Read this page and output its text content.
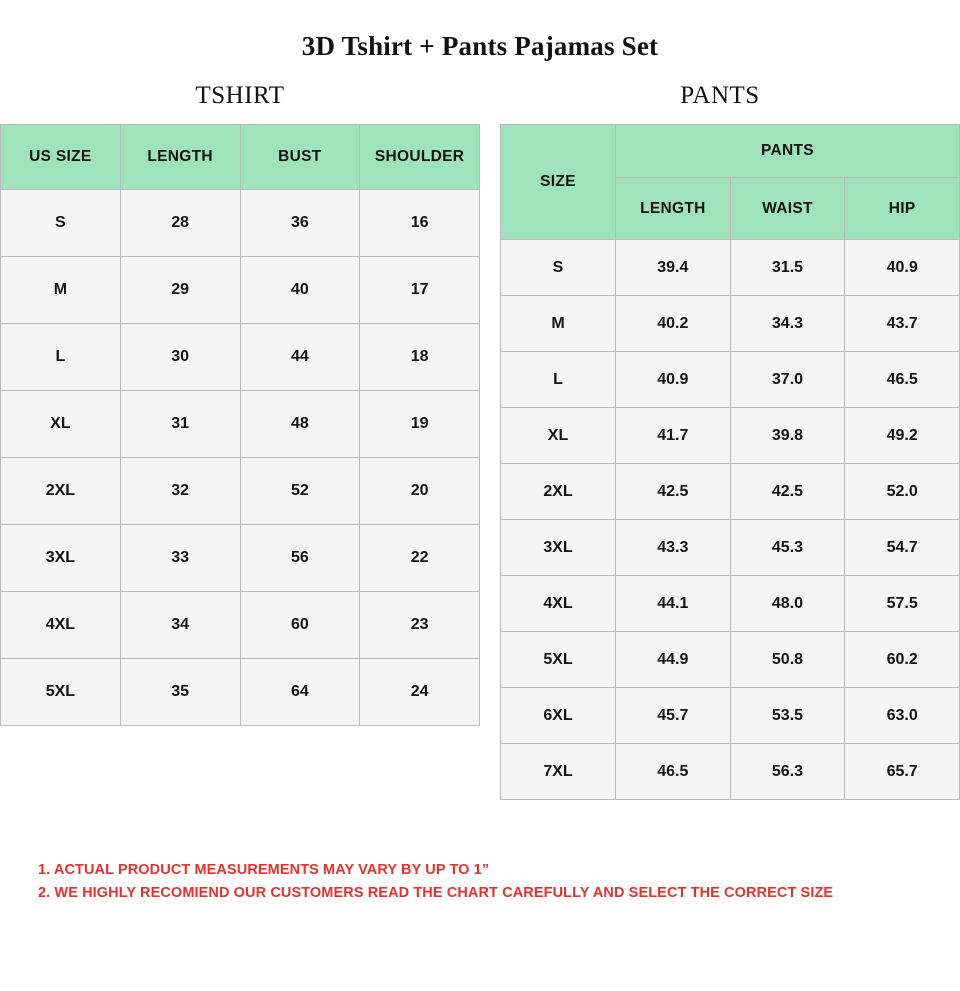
3D Tshirt + Pants Pajamas Set
TSHIRT
US SIZE	LENGTH	BUST	SHOULDER
S	28	36	16
M	29	40	17
L	30	44	18
XL	31	48	19
2XL	32	52	20
3XL	33	56	22
4XL	34	60	23
5XL	35	64	24
PANTS
SIZE	PANTS		
	LENGTH	WAIST	HIP
S	39.4	31.5	40.9
M	40.2	34.3	43.7
L	40.9	37.0	46.5
XL	41.7	39.8	49.2
2XL	42.5	42.5	52.0
3XL	43.3	45.3	54.7
4XL	44.1	48.0	57.5
5XL	44.9	50.8	60.2
6XL	45.7	53.5	63.0
7XL	46.5	56.3	65.7
1. ACTUAL PRODUCT MEASUREMENTS MAY VARY BY UP TO 1”
2. WE HIGHLY RECOMIEND OUR CUSTOMERS READ THE CHART CAREFULLY AND SELECT THE CORRECT SIZE
